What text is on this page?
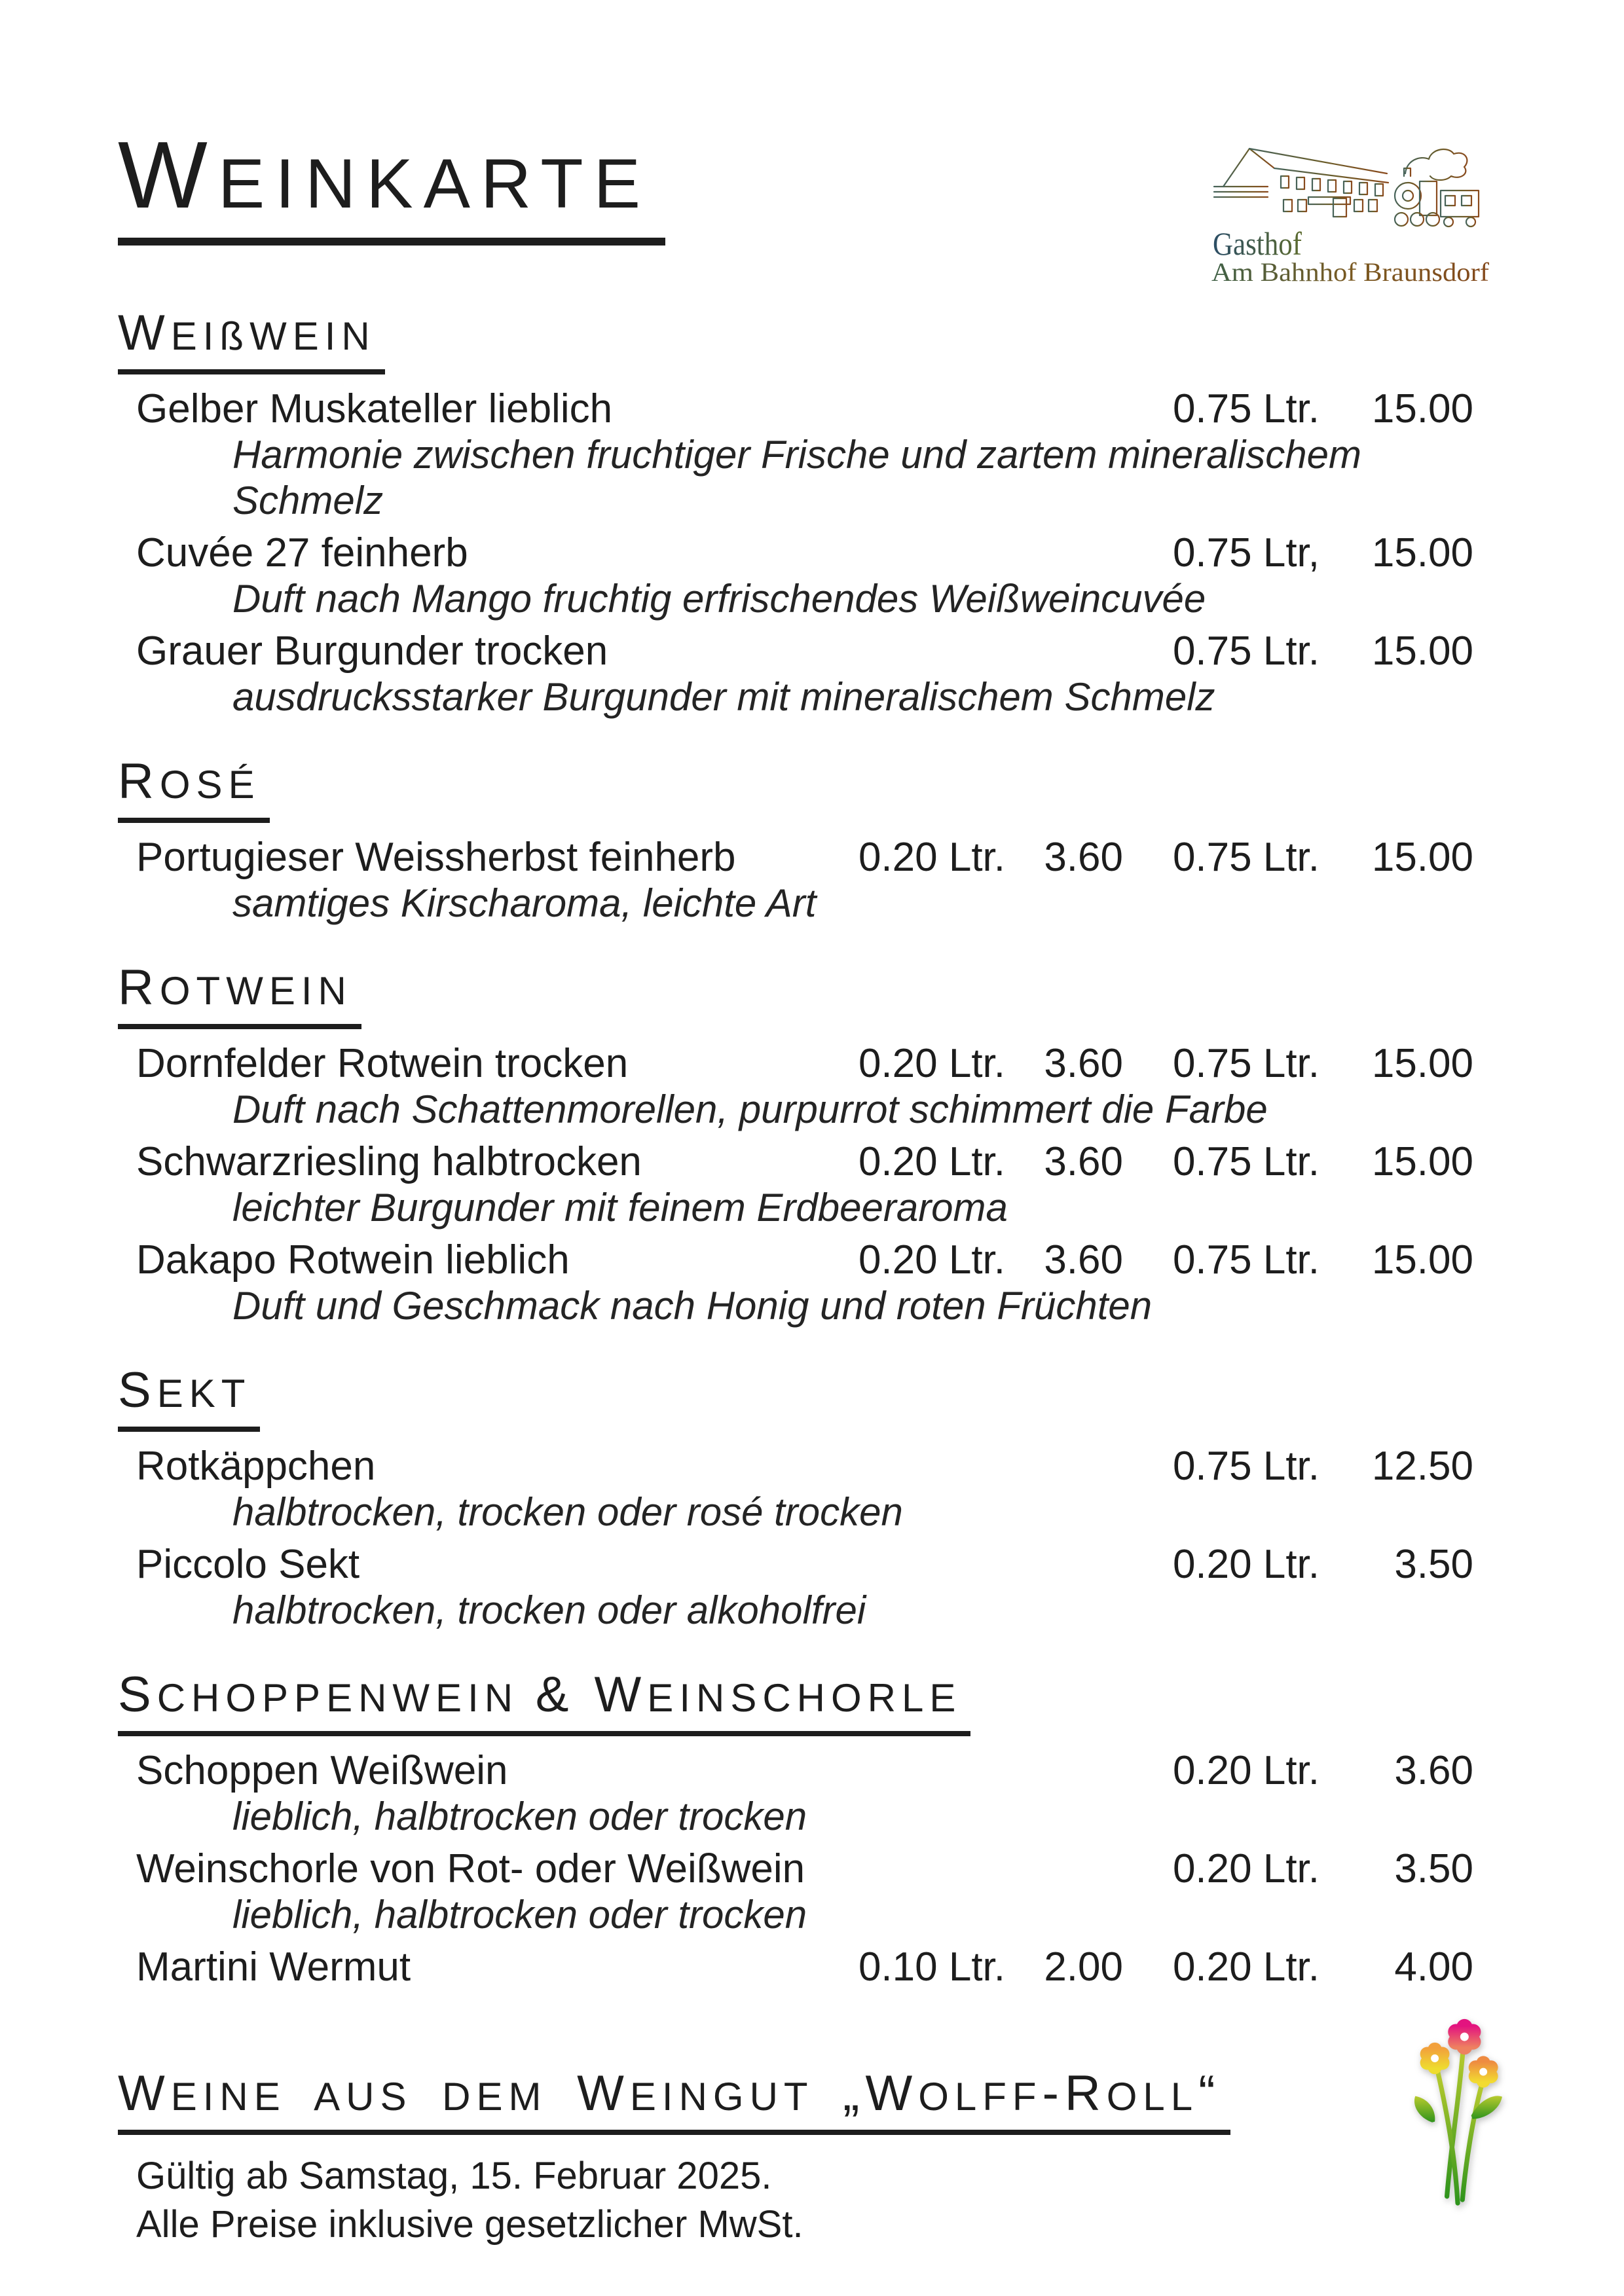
WEINKARTE
Gasthof
Am Bahnhof Braunsdorf
WEIßWEIN
Gelber Muskateller lieblich	0.75 Ltr.	15.00
Harmonie zwischen fruchtiger Frische und zartem mineralischem Schmelz
Cuvée 27 feinherb	0.75 Ltr,	15.00
Duft nach Mango fruchtig erfrischendes Weißweincuvée
Grauer Burgunder trocken	0.75 Ltr.	15.00
ausdrucksstarker Burgunder mit mineralischem Schmelz
ROSÉ
Portugieser Weissherbst feinherb	0.20 Ltr. 3.60	0.75 Ltr.	15.00
samtiges Kirscharoma, leichte Art
ROTWEIN
Dornfelder Rotwein trocken	0.20 Ltr. 3.60	0.75 Ltr.	15.00
Duft nach Schattenmorellen, purpurrot schimmert die Farbe
Schwarzriesling halbtrocken	0.20 Ltr. 3.60	0.75 Ltr.	15.00
leichter Burgunder mit feinem Erdbeeraroma
Dakapo Rotwein lieblich	0.20 Ltr. 3.60	0.75 Ltr.	15.00
Duft und Geschmack nach Honig und roten Früchten
SEKT
Rotkäppchen	0.75 Ltr.	12.50
halbtrocken, trocken oder rosé trocken
Piccolo Sekt	0.20 Ltr.	3.50
halbtrocken, trocken oder alkoholfrei
SCHOPPENWEIN & WEINSCHORLE
Schoppen Weißwein	0.20 Ltr.	3.60
lieblich, halbtrocken oder trocken
Weinschorle von Rot- oder Weißwein	0.20 Ltr.	3.50
lieblich, halbtrocken oder trocken
Martini Wermut	0.10 Ltr. 2.00	0.20 Ltr.	4.00
WEINE AUS DEM WEINGUT „WOLFF-ROLL“
Gültig ab Samstag, 15. Februar 2025.
Alle Preise inklusive gesetzlicher MwSt.
